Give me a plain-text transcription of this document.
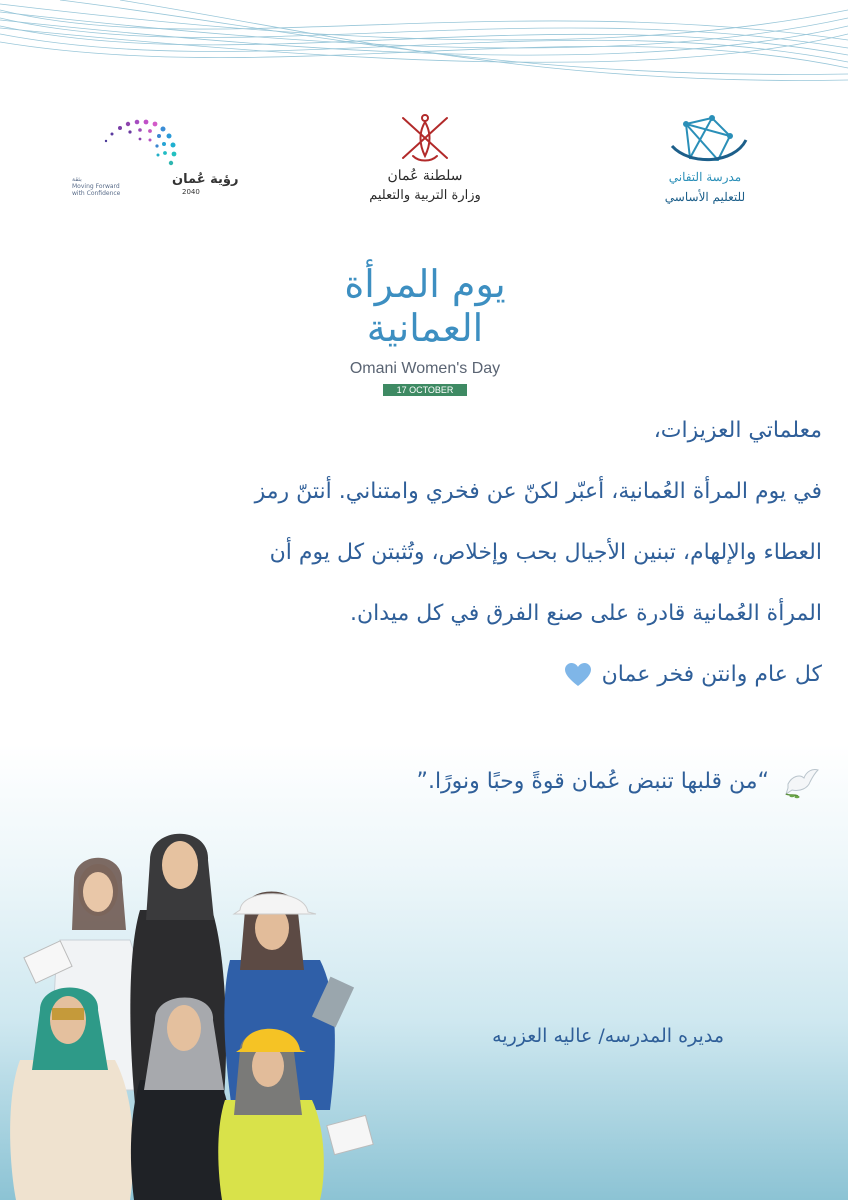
رؤية عُمان
2040
بثقة
Moving Forward
with Confidence
سلطنة عُمان
وزارة التربية والتعليم
مدرسة التفاني
للتعليم الأساسي
يوم المرأة العمانية
Omani Women's Day
17 OCTOBER

معلماتي العزيزات،

في يوم المرأة العُمانية، أعبّر لكنّ عن فخري وامتناني. أنتنّ رمز

العطاء والإلهام، تبنين الأجيال بحب وإخلاص، وتُثبتن كل يوم أن

المرأة العُمانية قادرة على صنع الفرق في كل ميدان.

كل عام وانتن فخر عمان

“من قلبها تنبض عُمان قوةً وحبًا ونورًا.”
مديره المدرسه/ عاليه العزريه
